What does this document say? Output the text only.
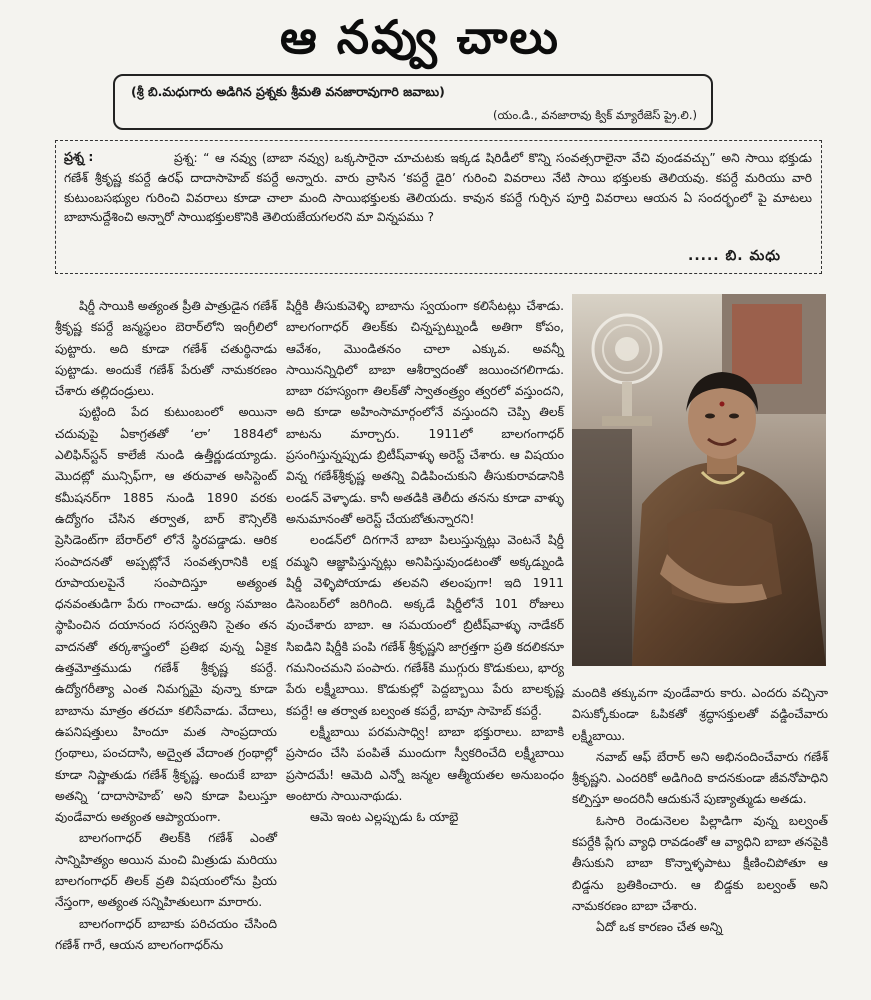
ఆ నవ్వు చాలు
(శ్రీ బి.మధుగారు అడిగిన ప్రశ్నకు శ్రీమతి వనజారావుగారి జవాబు)
(యం.డి., వనజారావు క్విక్ మ్యారేజెస్ ప్రై.లి.)
ప్రశ్న :	ప్రశ్న: “ ఆ నవ్వు (బాబా నవ్వు) ఒక్కసారైనా చూచుటకు ఇక్కడ షిరిడీలో కొన్ని సంవత్సరాలైనా వేచి వుండవచ్చు” అని సాయి భక్తుడు గణేశ్ శ్రీకృష్ణ కపర్దే ఉరఫ్ దాదాసాహెబ్ కపర్దే అన్నారు. వారు వ్రాసిన ‘కపర్దే డైరి’ గురించి వివరాలు నేటి సాయి భక్తులకు తెలియవు. కపర్దే మరియు వారి కుటుంబసభ్యుల గురించి వివరాలు కూడా చాలా మంది సాయిభక్తులకు తెలియదు. కావున కపర్దే గుర్చిన పూర్తి వివరాలు ఆయన ఏ సందర్భంలో పై మాటలు బాబానుద్దేశించి అన్నారో సాయిభక్తులకొనికి తెలియజేయగలరని మా విన్నపము ?
..... బి. మధు

షిర్డీ సాయికి అత్యంత ప్రీతి పాత్రుడైన గణేశ్ శ్రీకృష్ణ కపర్దే జన్మస్థలం బెరార్‌లోని ఇంగ్రీలిలో పుట్టారు. అది కూడా గణేశ్ చతుర్థినాడు పుట్టాడు. అందుకే గణేశ్ పేరుతో నామకరణం చేశారు తల్లిదండ్రులు.

పుట్టింది పేద కుటుంబంలో అయినా చదువుపై ఏకాగ్రతతో ‘లా’ 1884లో ఎలిఫిన్‌స్టన్ కాలేజీ నుండి ఉత్తీర్ణుడయ్యాడు. మొదట్లో మున్సిఫ్‌గా, ఆ తరువాత అసిస్టెంట్ కమీషనర్‌గా 1885 నుండి 1890 వరకు ఉద్యోగం చేసిన తర్వాత, బార్ కౌన్సిల్‌కి ప్రెసిడెంట్‌గా బేరార్‌లో లోనే స్థిరపడ్డాడు. ఆరిక సంపాదనతో అప్పట్లోనే సంవత్సరానికి లక్ష రూపాయలపైనే సంపాదిస్తూ అత్యంత ధనవంతుడిగా పేరు గాంచాడు. ఆర్య సమాజం స్థాపించిన దయానంద సరస్వతిని సైతం తన వాదనతో తర్కశాస్త్రంలో ప్రతిభ వున్న ఏకైక ఉత్తమోత్తముడు గణేశ్ శ్రీకృష్ణ కపర్దే. ఉద్యోగరీత్యా ఎంత నిమగ్నమై వున్నా కూడా బాబాను మాత్రం తరచూ కలిసేవాడు. వేదాలు, ఉపనిషత్తులు హిందూ మత సాంప్రదాయ గ్రంథాలు, పంచదాసి, అద్వైత వేదాంత గ్రంథాల్లో కూడా నిష్ణాతుడు గణేశ్ శ్రీకృష్ణ. అందుకే బాబా అతన్ని ‘దాదాసాహెబ్’ అని కూడా పిలుస్తూ వుండేవారు అత్యంత ఆప్యాయంగా.

బాలగంగాధర్ తిలక్‌కి గణేశ్ ఎంతో సాన్నిహిత్యం అయిన మంచి మిత్రుడు మరియు బాలగంగాధర్ తిలక్ వ్రతి విషయంలోను ప్రియ నేస్తంగా, అత్యంత సన్నిహితులుగా మారారు.

బాలగంగాధర్ బాబాకు పరిచయం చేసింది గణేశ్ గారే, ఆయన బాలగంగాధర్‌ను

షిర్డీకి తీసుకువెళ్ళి బాబాను స్వయంగా కలిసేటట్లు చేశాడు. బాలగంగాధర్ తిలక్‌కు చిన్నప్పట్నుండీ అతిగా కోపం, ఆవేశం, మొండితనం చాలా ఎక్కువ. అవన్నీ సాయినన్నిధిలో బాబా ఆశీర్వాదంతో జయించగలిగాడు. బాబా రహస్యంగా తిలక్‌తో స్వాతంత్ర్యం త్వరలో వస్తుందని, అది కూడా అహింసామార్గంలోనే వస్తుందని చెప్పి తిలక్ బాటను మార్చారు. 1911లో బాలగంగాధర్ ప్రసంగిస్తున్నప్పుడు బ్రిటీష్‌వాళ్ళు అరెస్ట్ చేశారు. ఆ విషయం విన్న గణేశ్‌శ్రీకృష్ణ అతన్ని విడిపించుకుని తీసుకురావడానికి లండన్ వెళ్ళాడు. కానీ అతడికి తెలీదు తనను కూడా వాళ్ళు అనుమానంతో అరెస్ట్ చేయబోతున్నారని!

లండన్‌లో దిగగానే బాబా పిలుస్తున్నట్లు వెంటనే షిర్డీ రమ్మని ఆజ్ఞాపిస్తున్నట్లు అనిపిస్తువుండటంతో అక్కడ్నుండి షిర్డీ వెళ్ళిపోయాడు తలవని తలంపుగా! ఇది 1911 డిసెంబర్‌లో జరిగింది. అక్కడే షిర్డీలోనే 101 రోజులు వుంచేశారు బాబా. ఆ సమయంలో బ్రిటీష్‌వాళ్ళు నాడేకర్ సిఐడిని షిర్డీకి పంపి గణేశ్ శ్రీకృష్ణని జాగ్రత్తగా ప్రతి కదలికనూ గమనించమని పంపారు. గణేశ్‌కి ముగ్గురు కొడుకులు, భార్య పేరు లక్ష్మీబాయి. కొడుకుల్లో పెద్దబ్బాయి పేరు బాలకృష్ణ కపర్దే! ఆ తర్వాత బల్వంత కపర్దే, బావూ సాహెబ్ కపర్దే.

లక్ష్మీబాయి పరమసాధ్వి! బాబా భక్తురాలు. బాబాకి ప్రసాదం చేసి పంపితే ముందుగా స్వీకరించేది లక్ష్మీబాయి ప్రసాదమే! ఆమెది ఎన్నో జన్మల ఆత్మీయతల అనుబంధం అంటారు సాయినాథుడు.

ఆమె ఇంట ఎల్లప్పుడు ఓ యాభై

మందికి తక్కువగా వుండేవారు కారు. ఎందరు వచ్చినా విసుక్కోకుండా ఓపికతో శ్రద్ధాసక్తులతో వడ్డించేవారు లక్ష్మీబాయి.

నవాబ్ ఆఫ్ బేరార్ అని అభినందించేవారు గణేశ్ శ్రీకృష్ణని. ఎందరికో అడిగింది కాదనకుండా జీవనోపాధిని కల్పిస్తూ అందరినీ ఆదుకునే పుణ్యాత్ముడు అతడు.

ఓసారి రెండునెలల పిల్లాడిగా వున్న బల్వంత్ కపర్దేకి ప్లేగు వ్యాధి రావడంతో ఆ వ్యాధిని బాబా తనపైకి తీసుకుని బాబా కొన్నాళ్ళపాటు క్షీణించిపోతూ ఆ బిడ్డను బ్రతికించారు. ఆ బిడ్డకు బల్వంత్ అని నామకరణం బాబా చేశారు.

ఏదో ఒక కారణం చేత అన్ని
